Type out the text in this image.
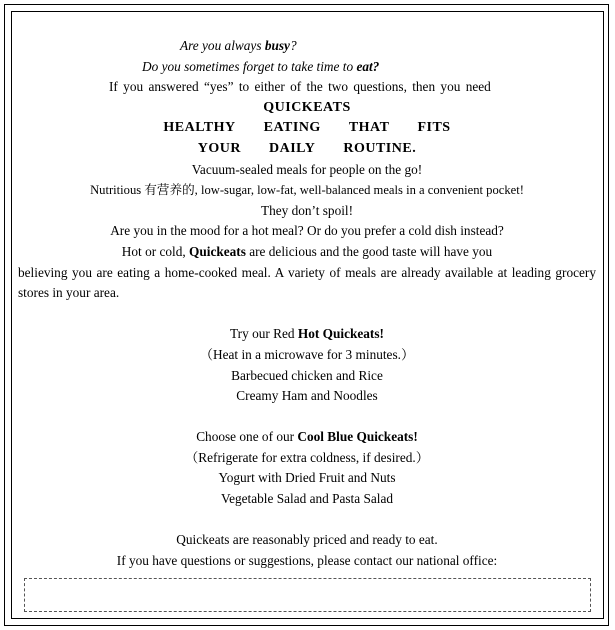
Are you always busy?
Do you sometimes forget to take time to eat?
If you answered “yes” to either of the two questions, then you need
QUICKEATS
HEALTHY EATING THAT FITS
YOUR DAILY ROUTINE.
Vacuum-sealed meals for people on the go!
Nutritious 有营养的, low-sugar, low-fat, well-balanced meals in a convenient pocket!
They don’t spoil!
Are you in the mood for a hot meal? Or do you prefer a cold dish instead?
Hot or cold, Quickeats are delicious and the good taste will have you
believing you are eating a home-cooked meal. A variety of meals are already available at leading grocery stores in your area.
Try our Red Hot Quickeats!
（Heat in a microwave for 3 minutes.）
Barbecued chicken and Rice
Creamy Ham and Noodles
Choose one of our Cool Blue Quickeats!
（Refrigerate for extra coldness, if desired.）
Yogurt with Dried Fruit and Nuts
Vegetable Salad and Pasta Salad
Quickeats are reasonably priced and ready to eat.
If you have questions or suggestions, please contact our national office:
